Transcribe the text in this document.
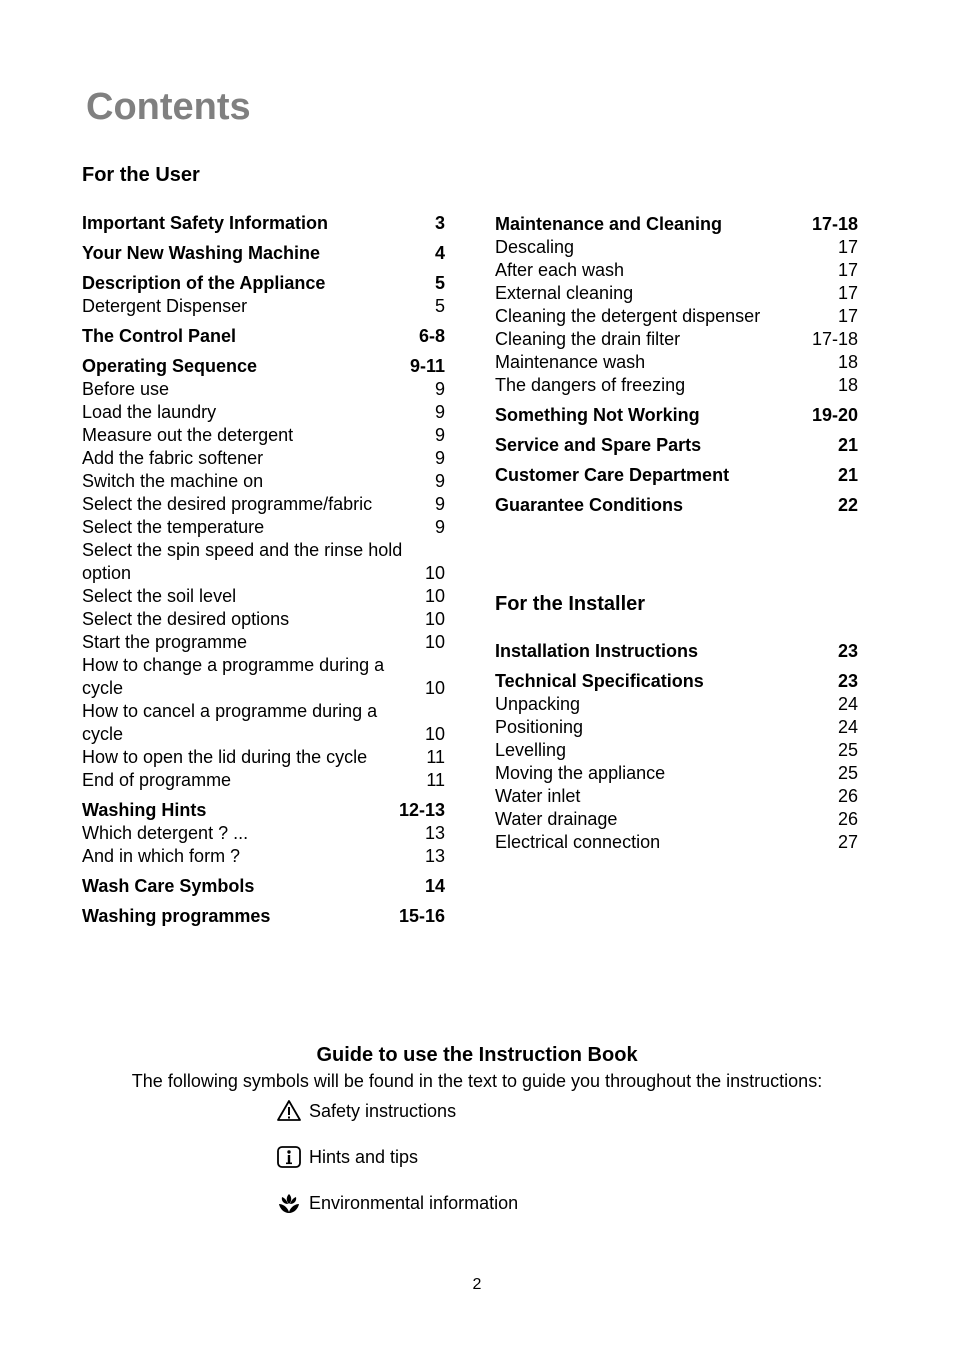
Contents
For the User
Important Safety Information	3
Your New Washing Machine	4
Description of the Appliance	5
Detergent Dispenser	5
The Control Panel	6-8
Operating Sequence	9-11
Before use	9
Load the laundry	9
Measure out the detergent	9
Add the fabric softener	9
Switch the machine on	9
Select the desired programme/fabric	9
Select the temperature	9
Select the spin speed and the rinse hold option	10
Select the soil level	10
Select the desired options	10
Start the programme	10
How to change a programme during a cycle	10
How to cancel a programme during a cycle	10
How to open the lid during the cycle	11
End of programme	11
Washing Hints	12-13
Which detergent ? ...	13
And in which form ?	13
Wash Care Symbols	14
Washing programmes	15-16
Maintenance and Cleaning	17-18
Descaling	17
After each wash	17
External cleaning	17
Cleaning the detergent dispenser	17
Cleaning the drain filter	17-18
Maintenance wash	18
The dangers of freezing	18
Something Not Working	19-20
Service and Spare Parts	21
Customer Care Department	21
Guarantee Conditions	22
For the Installer
Installation Instructions	23
Technical Specifications	23
Unpacking	24
Positioning	24
Levelling	25
Moving the appliance	25
Water inlet	26
Water drainage	26
Electrical connection	27
Guide to use the Instruction Book
The following symbols will be found in the text to guide you throughout the instructions:
Safety instructions
Hints and tips
Environmental information
2
